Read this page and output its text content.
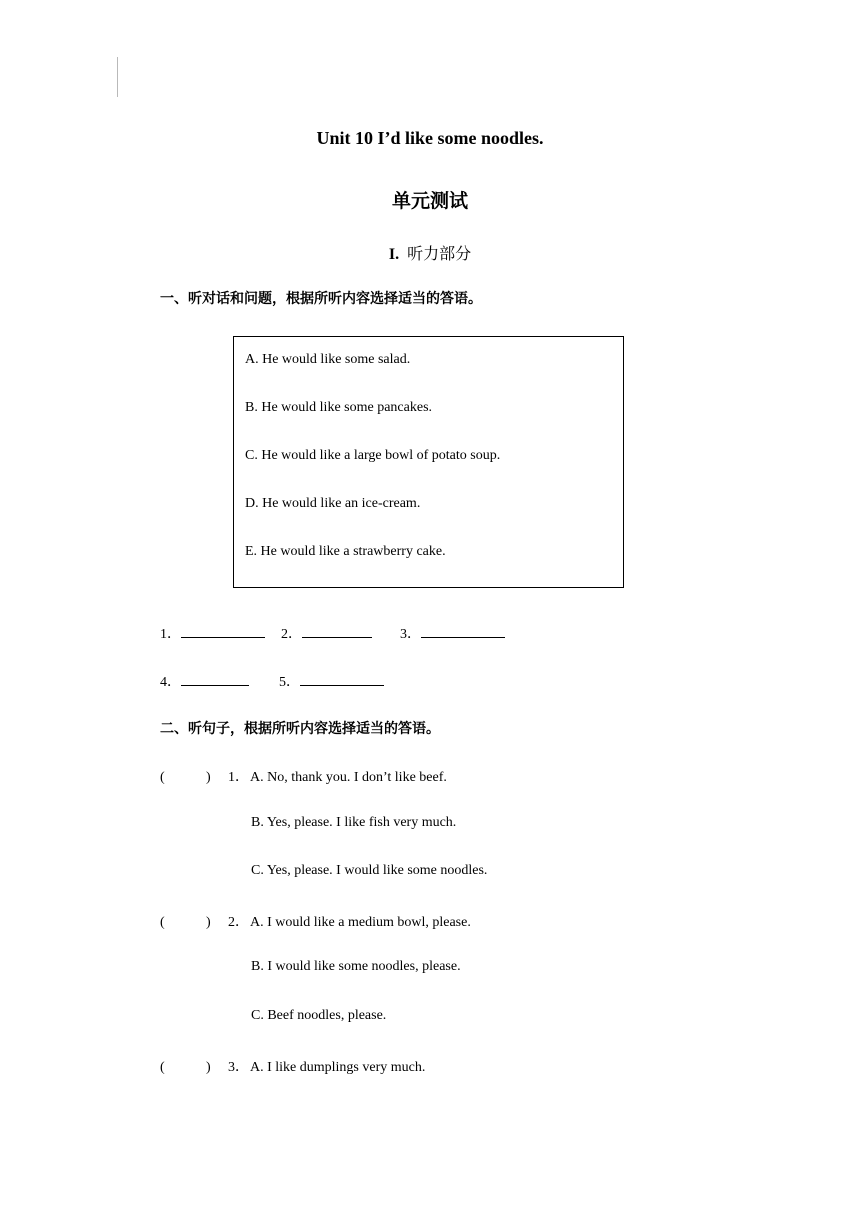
Unit 10 I’d like some noodles.
单元测试
I. 听力部分
一、听对话和问题，根据所听内容选择适当的答语。
A. He would like some salad.
B. He would like some pancakes.
C. He would like a large bowl of potato soup.
D. He would like an ice-cream.
E. He would like a strawberry cake.
1．	2．	3．
4．	5．
二、听句子，根据所听内容选择适当的答语。
(	) 1．A. No, thank you. I don’t like beef.
B. Yes, please. I like fish very much.
C. Yes, please. I would like some noodles.
(	) 2．A. I would like a medium bowl, please.
B. I would like some noodles, please.
C. Beef noodles, please.
(	) 3．A. I like dumplings very much.
